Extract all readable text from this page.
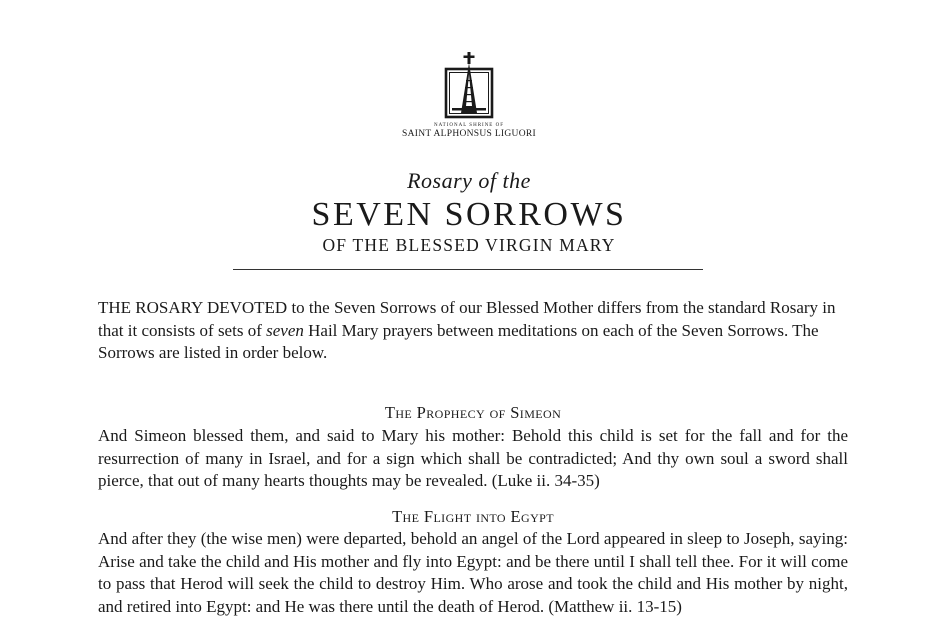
NATIONAL SHRINE OF
SAINT ALPHONSUS LIGUORI
Rosary of the
SEVEN SORROWS
OF THE BLESSED VIRGIN MARY
THE ROSARY DEVOTED to the Seven Sorrows of our Blessed Mother differs from the standard Rosary in that it consists of sets of seven Hail Mary prayers between meditations on each of the Seven Sorrows. The Sorrows are listed in order below.
The Prophecy of Simeon
And Simeon blessed them, and said to Mary his mother: Behold this child is set for the fall and for the resurrection of many in Israel, and for a sign which shall be contradicted; And thy own soul a sword shall pierce, that out of many hearts thoughts may be revealed. (Luke ii. 34-35)
The Flight into Egypt
And after they (the wise men) were departed, behold an angel of the Lord appeared in sleep to Joseph, saying: Arise and take the child and His mother and fly into Egypt: and be there until I shall tell thee. For it will come to pass that Herod will seek the child to destroy Him. Who arose and took the child and His mother by night, and retired into Egypt: and He was there until the death of Herod. (Matthew ii. 13-15)
